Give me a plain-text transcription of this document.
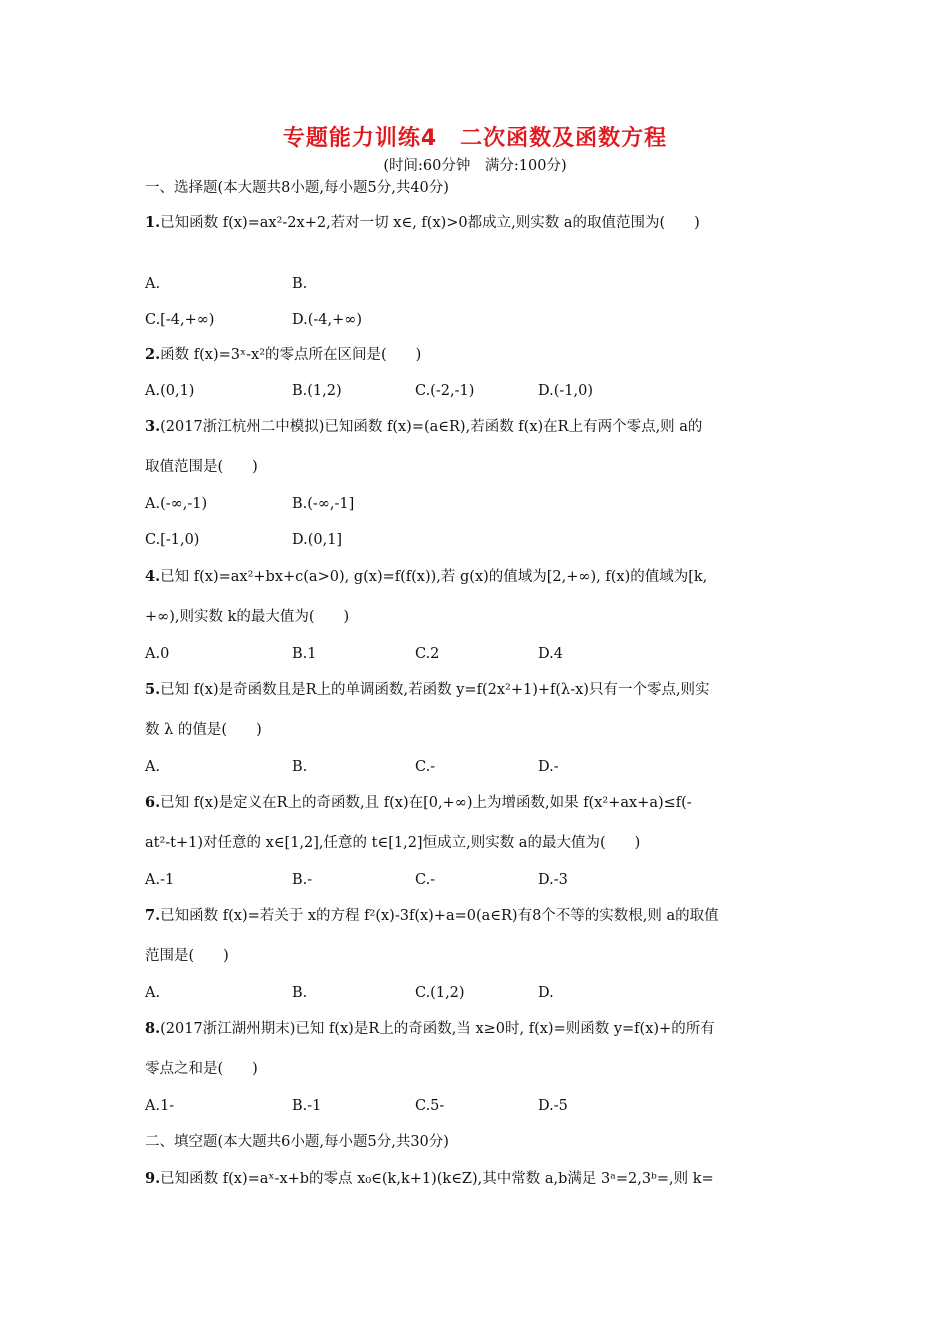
专题能力训练4　二次函数及函数方程
(时间:60分钟　满分:100分)
一、选择题(本大题共8小题,每小题5分,共40分)
1.已知函数 f(x)=ax²-2x+2,若对一切 x∈, f(x)>0都成立,则实数 a的取值范围为(　　)
A.	B.
C.[-4,+∞)	D.(-4,+∞)
2.函数 f(x)=3ˣ-x²的零点所在区间是(　　)
A.(0,1)	B.(1,2)	C.(-2,-1)	D.(-1,0)
3.(2017浙江杭州二中模拟)已知函数 f(x)=(a∈R),若函数 f(x)在R上有两个零点,则 a的
取值范围是(　　)
A.(-∞,-1)	B.(-∞,-1]
C.[-1,0)	D.(0,1]
4.已知 f(x)=ax²+bx+c(a>0), g(x)=f(f(x)),若 g(x)的值域为[2,+∞), f(x)的值域为[k,
+∞),则实数 k的最大值为(　　)
A.0	B.1	C.2	D.4
5.已知 f(x)是奇函数且是R上的单调函数,若函数 y=f(2x²+1)+f(λ-x)只有一个零点,则实
数 λ 的值是(　　)
A.	B.	C.-	D.-
6.已知 f(x)是定义在R上的奇函数,且 f(x)在[0,+∞)上为增函数,如果 f(x²+ax+a)≤f(-
at²-t+1)对任意的 x∈[1,2],任意的 t∈[1,2]恒成立,则实数 a的最大值为(　　)
A.-1	B.-	C.-	D.-3
7.已知函数 f(x)=若关于 x的方程 f²(x)-3f(x)+a=0(a∈R)有8个不等的实数根,则 a的取值
范围是(　　)
A.	B.	C.(1,2)	D.
8.(2017浙江湖州期末)已知 f(x)是R上的奇函数,当 x≥0时, f(x)=则函数 y=f(x)+的所有
零点之和是(　　)
A.1-	B.-1	C.5-	D.-5
二、填空题(本大题共6小题,每小题5分,共30分)
9.已知函数 f(x)=aˣ-x+b的零点 x₀∈(k,k+1)(k∈Z),其中常数 a,b满足 3ᵃ=2,3ᵇ=,则 k=
